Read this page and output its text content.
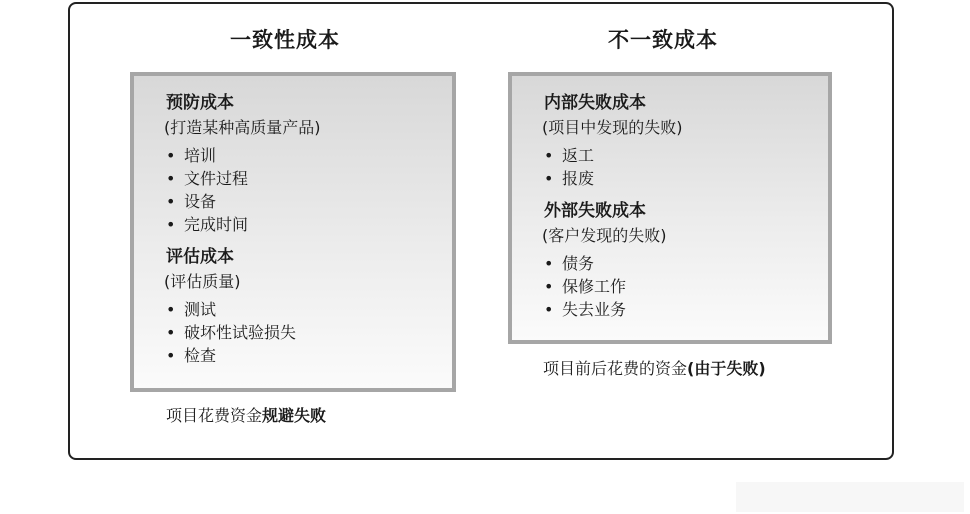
一致性成本	不一致成本
预防成本
(打造某种高质量产品)
• 培训
• 文件过程
• 设备
• 完成时间
评估成本
(评估质量)
• 测试
• 破坏性试验损失
• 检查
内部失败成本
(项目中发现的失败)
• 返工
• 报废
外部失败成本
(客户发现的失败)
• 债务
• 保修工作
• 失去业务
项目花费资金规避失败
项目前后花费的资金(由于失败)
